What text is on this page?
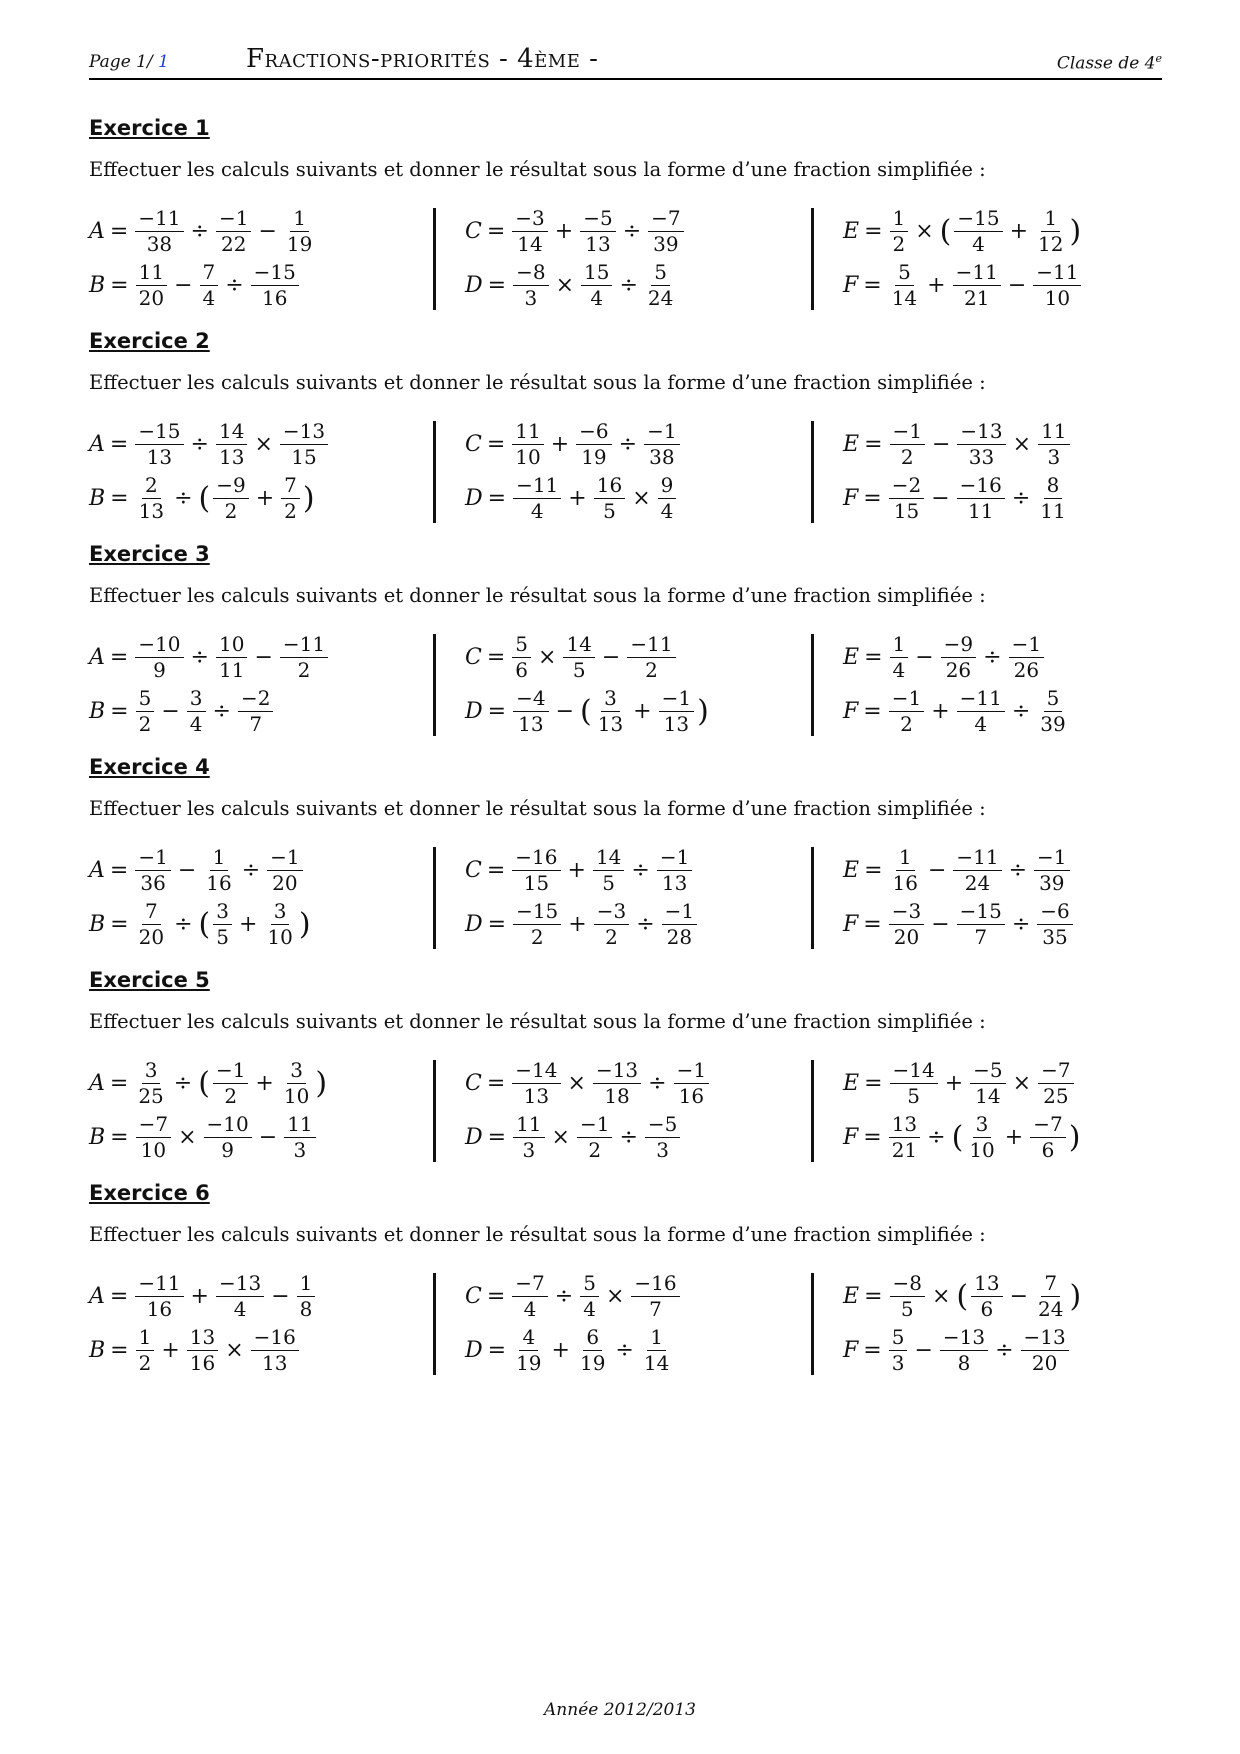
Page 1/ 1	Fractions-priorités - 4ème -	Classe de 4e
Exercice 1
Effectuer les calculs suivants et donner le résultat sous la forme d’une fraction simplifiée :
$A = \frac{-11}{38} \div \frac{-1}{22} - \frac{1}{19}$
$B = \frac{11}{20} - \frac{7}{4} \div \frac{-15}{16}$
$C = \frac{-3}{14} + \frac{-5}{13} \div \frac{-7}{39}$
$D = \frac{-8}{3} \times \frac{15}{4} \div \frac{5}{24}$
$E = \frac{1}{2}$ × ( $\frac{-15}{4} + \frac{1}{12}$ )
$F = \frac{5}{14} + \frac{-11}{21} - \frac{-11}{10}$
Exercice 2
Effectuer les calculs suivants et donner le résultat sous la forme d’une fraction simplifiée :
$A = \frac{-15}{13} \div \frac{14}{13} \times \frac{-13}{15}$
$B = \frac{2}{13}$ ÷ ( $\frac{-9}{2} + \frac{7}{2}$ )
$C = \frac{11}{10} + \frac{-6}{19} \div \frac{-1}{38}$
$D = \frac{-11}{4} + \frac{16}{5} \times \frac{9}{4}$
$E = \frac{-1}{2} - \frac{-13}{33} \times \frac{11}{3}$
$F = \frac{-2}{15} - \frac{-16}{11} \div \frac{8}{11}$
Exercice 3
Effectuer les calculs suivants et donner le résultat sous la forme d’une fraction simplifiée :
$A = \frac{-10}{9} \div \frac{10}{11} - \frac{-11}{2}$
$B = \frac{5}{2} - \frac{3}{4} \div \frac{-2}{7}$
$C = \frac{5}{6} \times \frac{14}{5} - \frac{-11}{2}$
$D = \frac{-4}{13}$ − ( $\frac{3}{13} + \frac{-1}{13}$ )
$E = \frac{1}{4} - \frac{-9}{26} \div \frac{-1}{26}$
$F = \frac{-1}{2} + \frac{-11}{4} \div \frac{5}{39}$
Exercice 4
Effectuer les calculs suivants et donner le résultat sous la forme d’une fraction simplifiée :
$A = \frac{-1}{36} - \frac{1}{16} \div \frac{-1}{20}$
$B = \frac{7}{20}$ ÷ ( $\frac{3}{5} + \frac{3}{10}$ )
$C = \frac{-16}{15} + \frac{14}{5} \div \frac{-1}{13}$
$D = \frac{-15}{2} + \frac{-3}{2} \div \frac{-1}{28}$
$E = \frac{1}{16} - \frac{-11}{24} \div \frac{-1}{39}$
$F = \frac{-3}{20} - \frac{-15}{7} \div \frac{-6}{35}$
Exercice 5
Effectuer les calculs suivants et donner le résultat sous la forme d’une fraction simplifiée :
$A = \frac{3}{25}$ ÷ ( $\frac{-1}{2} + \frac{3}{10}$ )
$B = \frac{-7}{10} \times \frac{-10}{9} - \frac{11}{3}$
$C = \frac{-14}{13} \times \frac{-13}{18} \div \frac{-1}{16}$
$D = \frac{11}{3} \times \frac{-1}{2} \div \frac{-5}{3}$
$E = \frac{-14}{5} + \frac{-5}{14} \times \frac{-7}{25}$
$F = \frac{13}{21}$ ÷ ( $\frac{3}{10} + \frac{-7}{6}$ )
Exercice 6
Effectuer les calculs suivants et donner le résultat sous la forme d’une fraction simplifiée :
$A = \frac{-11}{16} + \frac{-13}{4} - \frac{1}{8}$
$B = \frac{1}{2} + \frac{13}{16} \times \frac{-16}{13}$
$C = \frac{-7}{4} \div \frac{5}{4} \times \frac{-16}{7}$
$D = \frac{4}{19} + \frac{6}{19} \div \frac{1}{14}$
$E = \frac{-8}{5}$ × ( $\frac{13}{6} - \frac{7}{24}$ )
$F = \frac{5}{3} - \frac{-13}{8} \div \frac{-13}{20}$
Année 2012/2013
